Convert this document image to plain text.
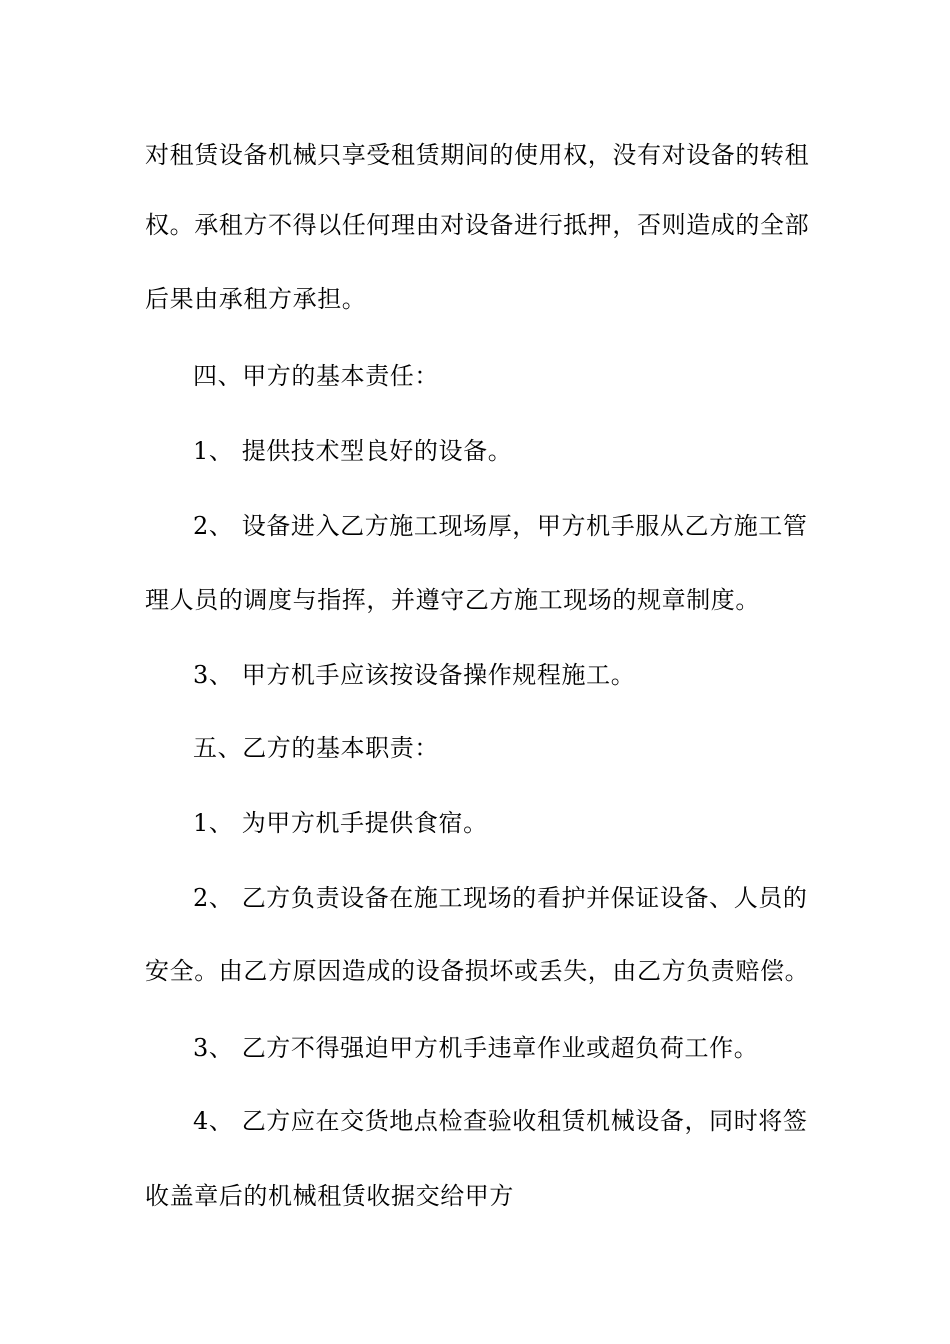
对租赁设备机械只享受租赁期间的使用权，没有对设备的转租
权。承租方不得以任何理由对设备进行抵押，否则造成的全部
后果由承租方承担。
四、甲方的基本责任：
1、 提供技术型良好的设备。
2、 设备进入乙方施工现场厚，甲方机手服从乙方施工管
理人员的调度与指挥，并遵守乙方施工现场的规章制度。
3、 甲方机手应该按设备操作规程施工。
五、乙方的基本职责：
1、 为甲方机手提供食宿。
2、 乙方负责设备在施工现场的看护并保证设备、人员的
安全。由乙方原因造成的设备损坏或丢失，由乙方负责赔偿。
3、 乙方不得强迫甲方机手违章作业或超负荷工作。
4、 乙方应在交货地点检查验收租赁机械设备，同时将签
收盖章后的机械租赁收据交给甲方
